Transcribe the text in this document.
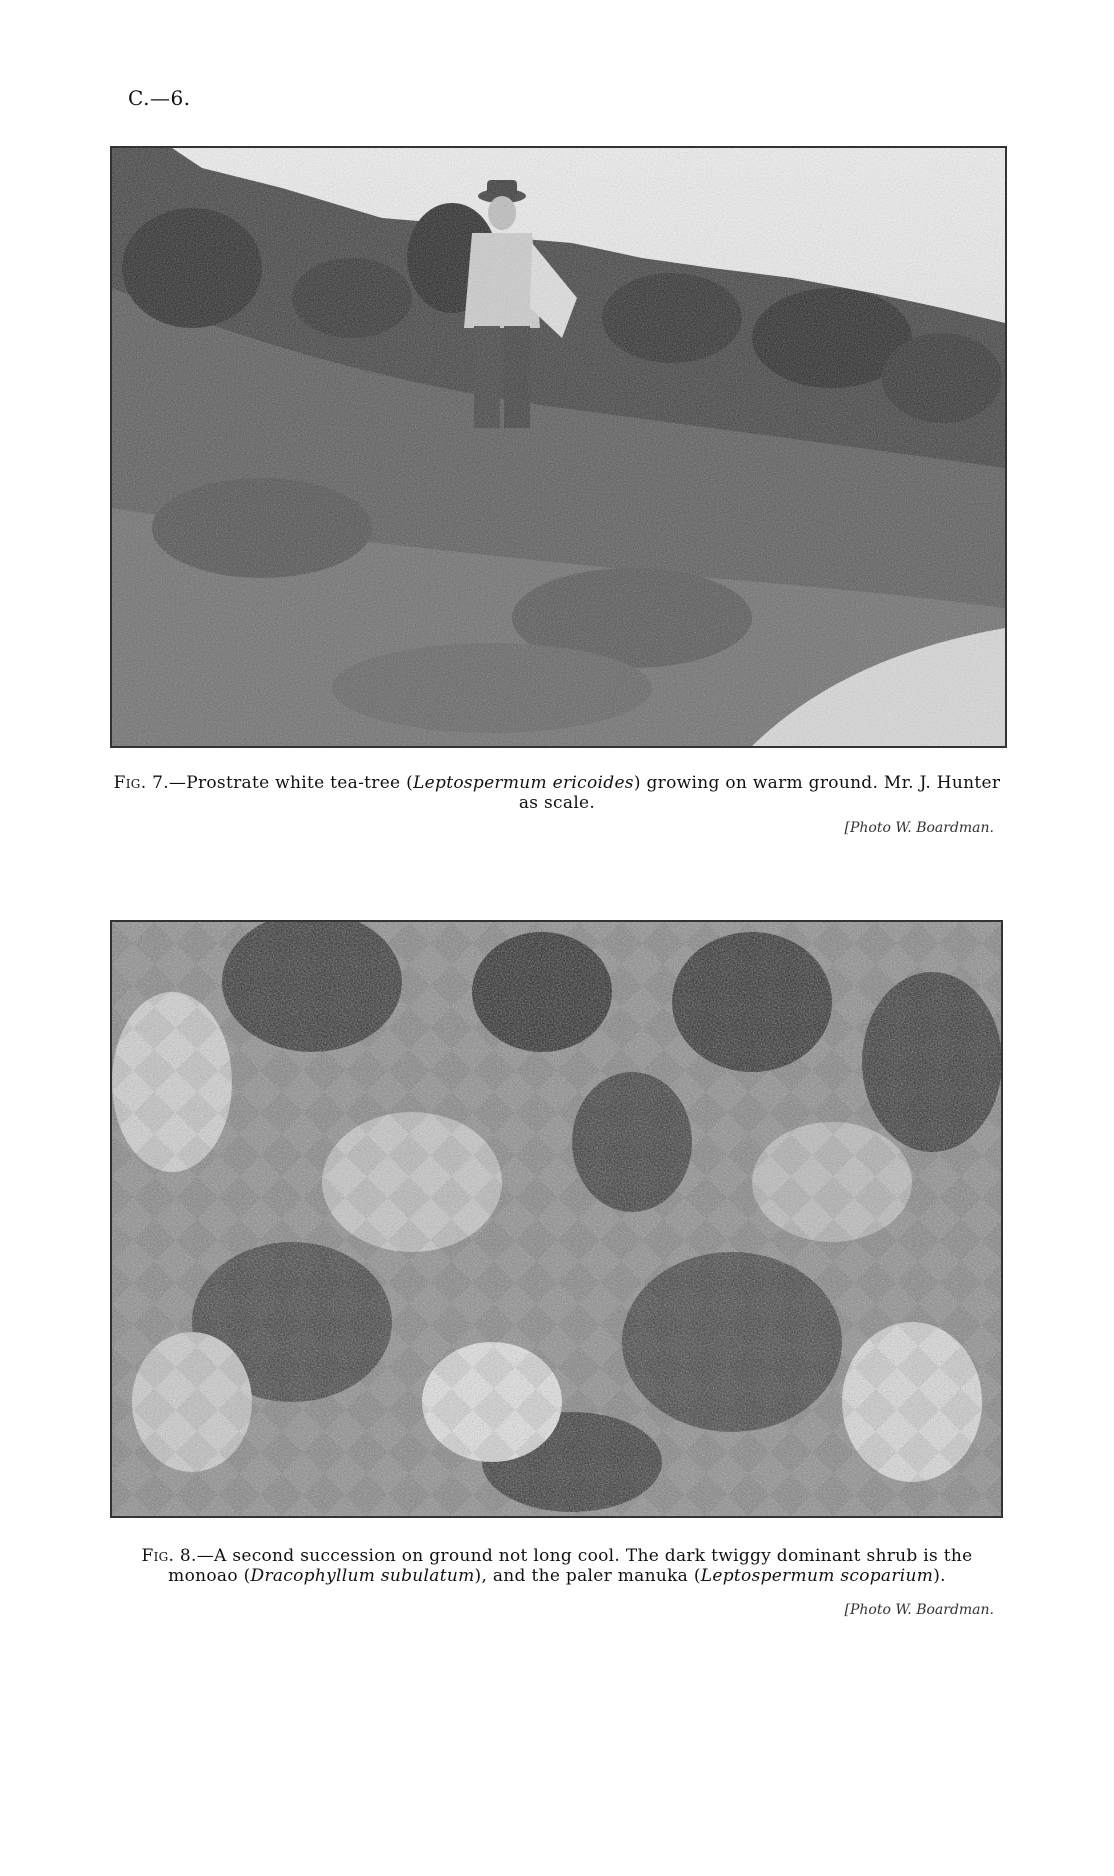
C.—6.
Fig. 7.—Prostrate white tea-tree (Leptospermum ericoides) growing on warm ground. Mr. J. Hunter as scale.
[Photo W. Boardman.
Fig. 8.—A second succession on ground not long cool. The dark twiggy dominant shrub is the monoao (Dracophyllum subulatum), and the paler manuka (Leptospermum scoparium).
[Photo W. Boardman.
